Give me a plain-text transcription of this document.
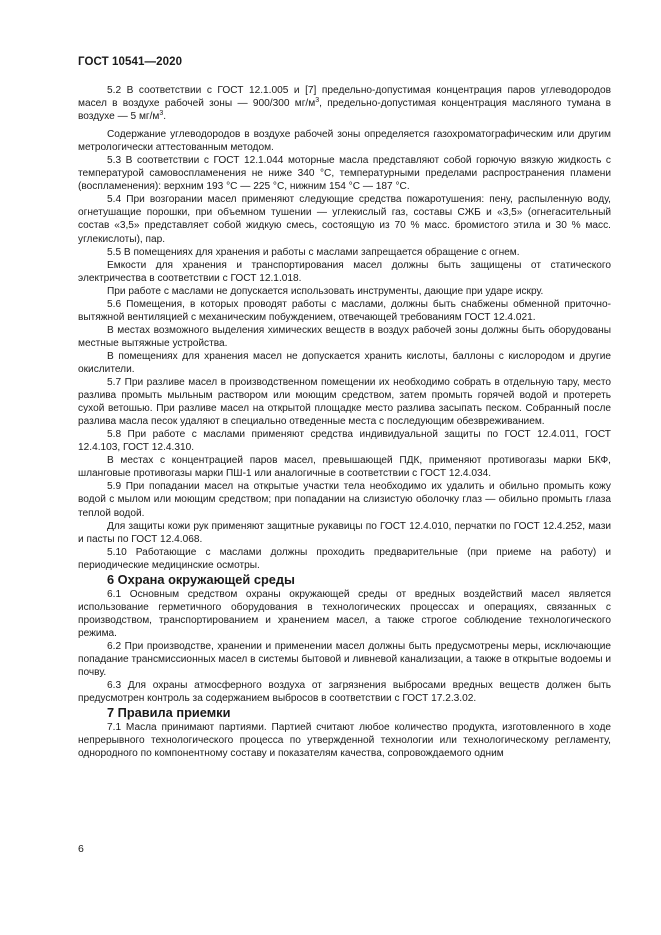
ГОСТ 10541—2020

5.2 В соответствии с ГОСТ 12.1.005 и [7] предельно-допустимая концентрация паров углеводородов масел в воздухе рабочей зоны — 900/300 $мг/м^3$, предельно-допустимая концентрация масляного тумана в воздухе — 5 $мг/м^3$.

Содержание углеводородов в воздухе рабочей зоны определяется газохроматографическим или другим метрологически аттестованным методом.

5.3 В соответствии с ГОСТ 12.1.044 моторные масла представляют собой горючую вязкую жидкость с температурой самовоспламенения не ниже 340 °С, температурными пределами распространения пламени (воспламенения): верхним 193 °С — 225 °С, нижним 154 °С — 187 °С.

5.4 При возгорании масел применяют следующие средства пожаротушения: пену, распыленную воду, огнетушащие порошки, при объемном тушении — углекислый газ, составы СЖБ и «3,5» (огнегасительный состав «3,5» представляет собой жидкую смесь, состоящую из 70 % масс. бромистого этила и 30 % масс. углекислоты), пар.

5.5 В помещениях для хранения и работы с маслами запрещается обращение с огнем.

Емкости для хранения и транспортирования масел должны быть защищены от статического электричества в соответствии с ГОСТ 12.1.018.

При работе с маслами не допускается использовать инструменты, дающие при ударе искру.

5.6 Помещения, в которых проводят работы с маслами, должны быть снабжены обменной приточно-вытяжной вентиляцией с механическим побуждением, отвечающей требованиям ГОСТ 12.4.021.

В местах возможного выделения химических веществ в воздух рабочей зоны должны быть оборудованы местные вытяжные устройства.

В помещениях для хранения масел не допускается хранить кислоты, баллоны с кислородом и другие окислители.

5.7 При разливе масел в производственном помещении их необходимо собрать в отдельную тару, место разлива промыть мыльным раствором или моющим средством, затем промыть горячей водой и протереть сухой ветошью. При разливе масел на открытой площадке место разлива засыпать песком. Собранный после разлива масла песок удаляют в специально отведенные места с последующим обезвреживанием.

5.8 При работе с маслами применяют средства индивидуальной защиты по ГОСТ 12.4.011, ГОСТ 12.4.103, ГОСТ 12.4.310.

В местах с концентрацией паров масел, превышающей ПДК, применяют противогазы марки БКФ, шланговые противогазы марки ПШ-1 или аналогичные в соответствии с ГОСТ 12.4.034.

5.9 При попадании масел на открытые участки тела необходимо их удалить и обильно промыть кожу водой с мылом или моющим средством; при попадании на слизистую оболочку глаз — обильно промыть глаза теплой водой.

Для защиты кожи рук применяют защитные рукавицы по ГОСТ 12.4.010, перчатки по ГОСТ 12.4.252, мази и пасты по ГОСТ 12.4.068.

5.10 Работающие с маслами должны проходить предварительные (при приеме на работу) и периодические медицинские осмотры.

6 Охрана окружающей среды

6.1 Основным средством охраны окружающей среды от вредных воздействий масел является использование герметичного оборудования в технологических процессах и операциях, связанных с производством, транспортированием и хранением масел, а также строгое соблюдение технологического режима.

6.2 При производстве, хранении и применении масел должны быть предусмотрены меры, исключающие попадание трансмиссионных масел в системы бытовой и ливневой канализации, а также в открытые водоемы и почву.

6.3 Для охраны атмосферного воздуха от загрязнения выбросами вредных веществ должен быть предусмотрен контроль за содержанием выбросов в соответствии с ГОСТ 17.2.3.02.

7 Правила приемки

7.1 Масла принимают партиями. Партией считают любое количество продукта, изготовленного в ходе непрерывного технологического процесса по утвержденной технологии или технологическому регламенту, однородного по компонентному составу и показателям качества, сопровождаемого одним

6
